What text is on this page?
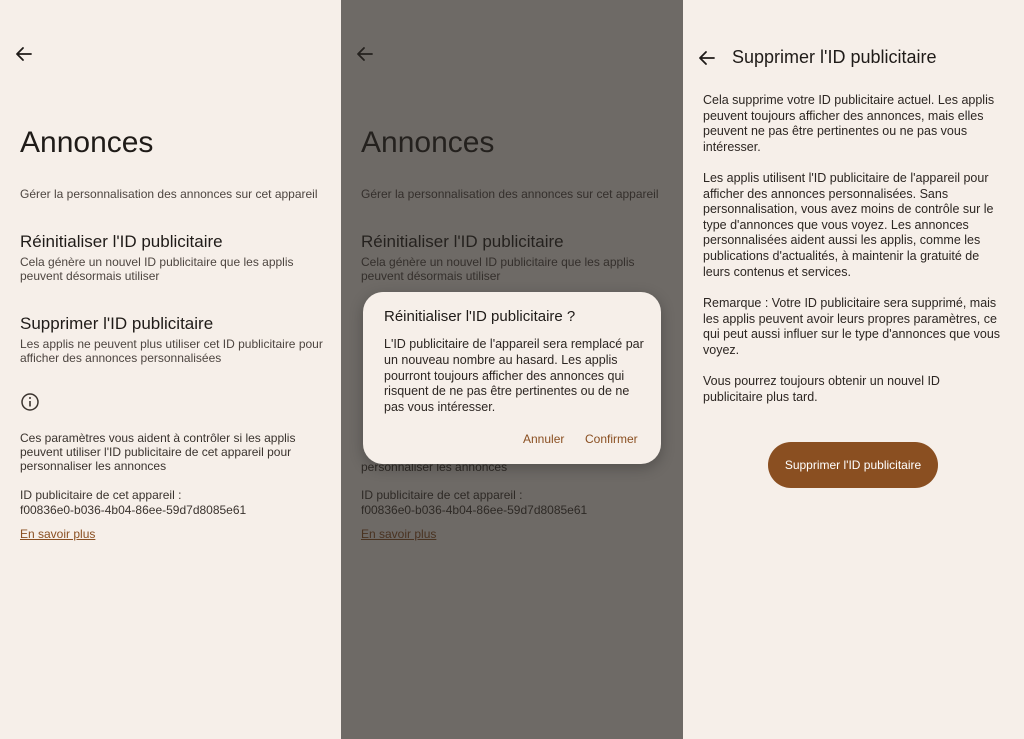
Annonces
Gérer la personnalisation des annonces sur cet appareil
Réinitialiser l'ID publicitaire
Cela génère un nouvel ID publicitaire que les applis peuvent désormais utiliser
Supprimer l'ID publicitaire
Les applis ne peuvent plus utiliser cet ID publicitaire pour afficher des annonces personnalisées
Ces paramètres vous aident à contrôler si les applis peuvent utiliser l'ID publicitaire de cet appareil pour personnaliser les annonces
ID publicitaire de cet appareil :
f00836e0-b036-4b04-86ee-59d7d8085e61
En savoir plus
Réinitialiser l'ID publicitaire ?
L'ID publicitaire de l'appareil sera remplacé par un nouveau nombre au hasard. Les applis pourront toujours afficher des annonces qui risquent de ne pas être pertinentes ou de ne pas vous intéresser.
Annuler Confirmer
Supprimer l'ID publicitaire
Cela supprime votre ID publicitaire actuel. Les applis peuvent toujours afficher des annonces, mais elles peuvent ne pas être pertinentes ou ne pas vous intéresser.
Les applis utilisent l'ID publicitaire de l'appareil pour afficher des annonces personnalisées. Sans personnalisation, vous avez moins de contrôle sur le type d'annonces que vous voyez. Les annonces personnalisées aident aussi les applis, comme les publications d'actualités, à maintenir la gratuité de leurs contenus et services.
Remarque : Votre ID publicitaire sera supprimé, mais les applis peuvent avoir leurs propres paramètres, ce qui peut aussi influer sur le type d'annonces que vous voyez.
Vous pourrez toujours obtenir un nouvel ID publicitaire plus tard.
Supprimer l'ID publicitaire
